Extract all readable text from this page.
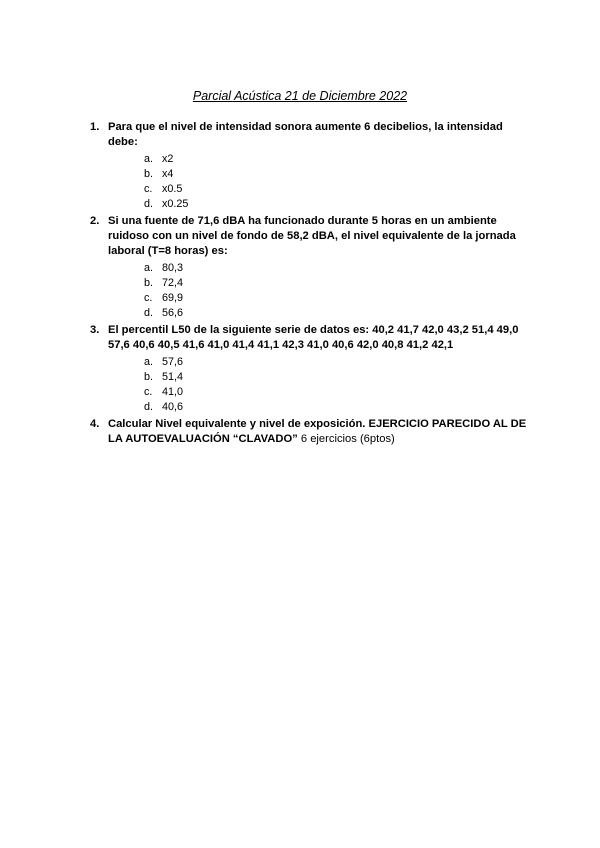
Parcial Acústica 21 de Diciembre 2022
1. Para que el nivel de intensidad sonora aumente 6 decibelios, la intensidad debe:
a. x2
b. x4
c. x0.5
d. x0.25
2. Si una fuente de 71,6 dBA ha funcionado durante 5 horas en un ambiente ruidoso con un nivel de fondo de 58,2 dBA, el nivel equivalente de la jornada laboral (T=8 horas) es:
a. 80,3
b. 72,4
c. 69,9
d. 56,6
3. El percentil L50 de la siguiente serie de datos es: 40,2 41,7 42,0 43,2 51,4 49,0 57,6 40,6 40,5 41,6 41,0 41,4 41,1 42,3 41,0 40,6 42,0 40,8 41,2 42,1
a. 57,6
b. 51,4
c. 41,0
d. 40,6
4. Calcular Nivel equivalente y nivel de exposición. EJERCICIO PARECIDO AL DE LA AUTOEVALUACIÓN “CLAVADO” 6 ejercicios (6ptos)
